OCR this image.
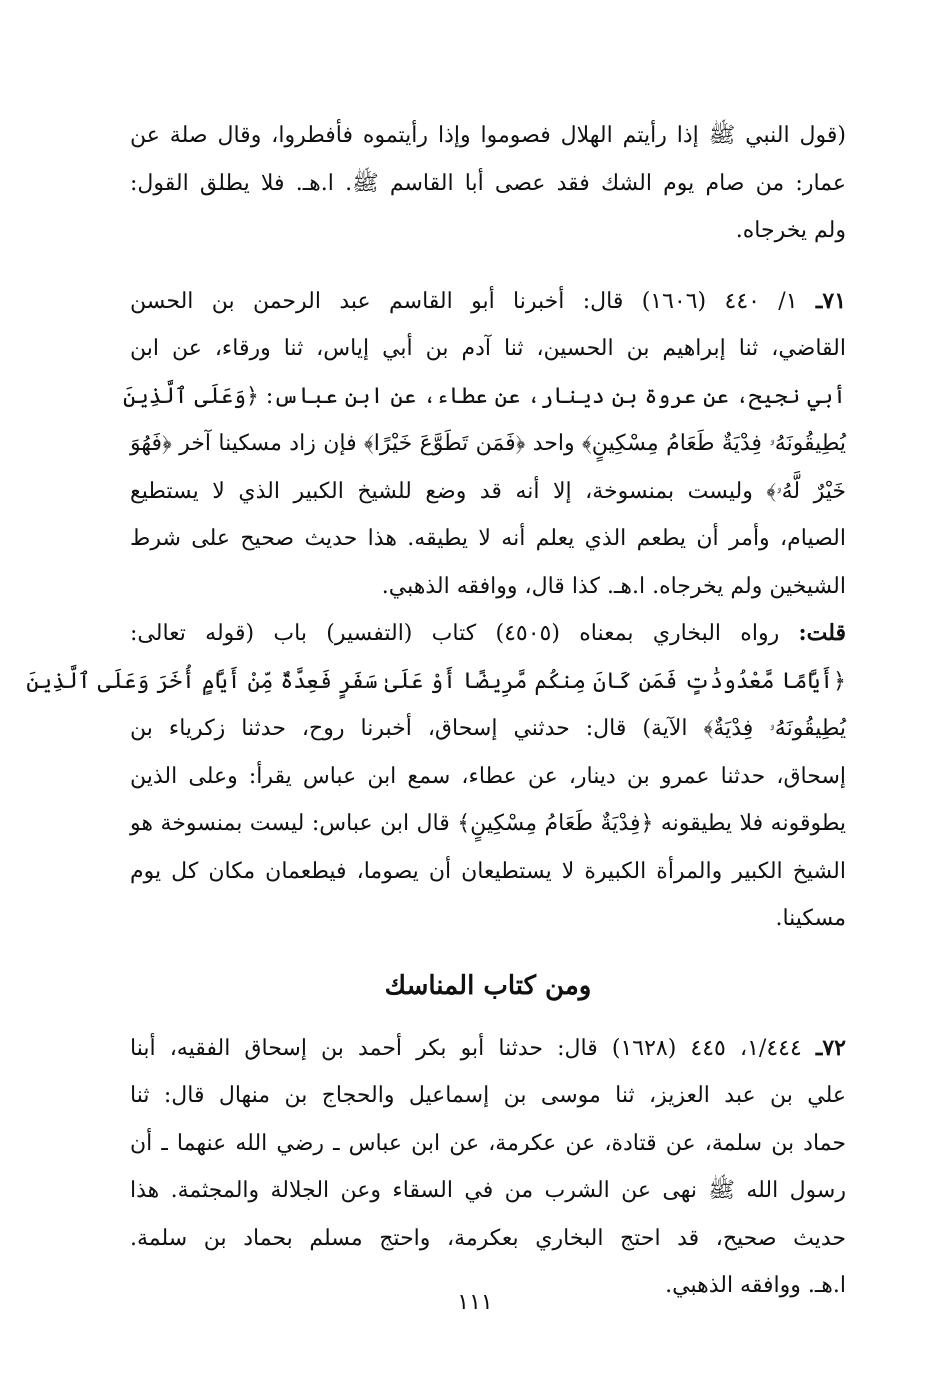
(قول النبي ﷺ إذا رأيتم الهلال فصوموا وإذا رأيتموه فأفطروا، وقال صلة عن

عمار: من صام يوم الشك فقد عصى أبا القاسم ﷺ. ا.هـ. فلا يطلق القول:

ولم يخرجاه.

٧١ـ ١/ ٤٤٠ (١٦٠٦) قال: أخبرنا أبو القاسم عبد الرحمن بن الحسن

القاضي، ثنا إبراهيم بن الحسين، ثنا آدم بن أبي إياس، ثنا ورقاء، عن ابن

أبي نجيح، عن عروة بن دينار، عن عطاء، عن ابن عباس: ﴿وَعَلَى ٱلَّذِينَ

يُطِيقُونَهُۥ فِدْيَةٌ طَعَامُ مِسْكِينٍ﴾ واحد ﴿فَمَن تَطَوَّعَ خَيْرًا﴾ فإن زاد مسكينا آخر ﴿فَهُوَ

خَيْرٌ لَّهُۥ﴾ وليست بمنسوخة، إلا أنه قد وضع للشيخ الكبير الذي لا يستطيع

الصيام، وأمر أن يطعم الذي يعلم أنه لا يطيقه. هذا حديث صحيح على شرط

الشيخين ولم يخرجاه. ا.هـ. كذا قال، ووافقه الذهبي.

قلت: رواه البخاري بمعناه (٤٥٠٥) كتاب (التفسير) باب (قوله تعالى:

﴿أَيَّامًا مَّعْدُودَٰتٍ فَمَن كَانَ مِنكُم مَّرِيضًا أَوْ عَلَىٰ سَفَرٍ فَعِدَّةٌ مِّنْ أَيَّامٍ أُخَرَ وَعَلَى ٱلَّذِينَ

يُطِيقُونَهُۥ فِدْيَةٌ﴾ الآية) قال: حدثني إسحاق، أخبرنا روح، حدثنا زكرياء بن

إسحاق، حدثنا عمرو بن دينار، عن عطاء، سمع ابن عباس يقرأ: وعلى الذين

يطوقونه فلا يطيقونه ﴿فِدْيَةٌ طَعَامُ مِسْكِينٍ﴾ قال ابن عباس: ليست بمنسوخة هو

الشيخ الكبير والمرأة الكبيرة لا يستطيعان أن يصوما، فيطعمان مكان كل يوم

مسكينا.

ومن كتاب المناسك

٧٢ـ ١/٤٤٤، ٤٤٥ (١٦٢٨) قال: حدثنا أبو بكر أحمد بن إسحاق الفقيه، أبنا

علي بن عبد العزيز، ثنا موسى بن إسماعيل والحجاج بن منهال قال: ثنا

حماد بن سلمة، عن قتادة، عن عكرمة، عن ابن عباس ـ رضي الله عنهما ـ أن

رسول الله ﷺ نهى عن الشرب من في السقاء وعن الجلالة والمجثمة. هذا

حديث صحيح، قد احتج البخاري بعكرمة، واحتج مسلم بحماد بن سلمة.

ا.هـ. ووافقه الذهبي.

١١١
